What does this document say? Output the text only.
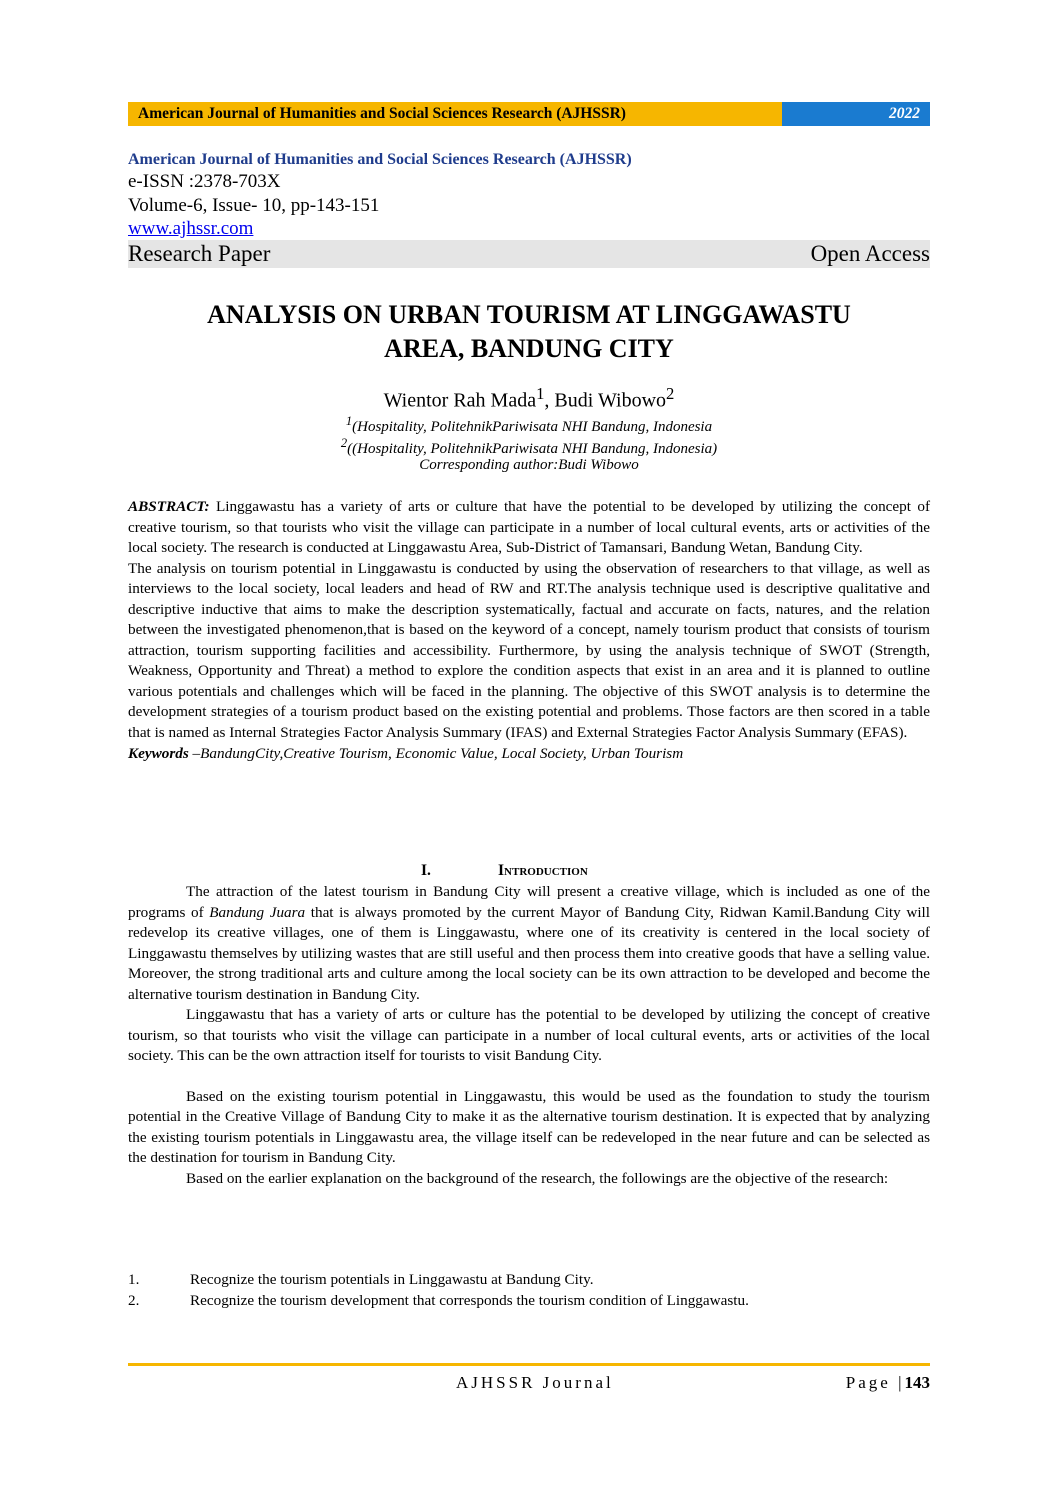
American Journal of Humanities and Social Sciences Research (AJHSSR)	2022

American Journal of Humanities and Social Sciences Research (AJHSSR)

e-ISSN :2378-703X

Volume-6, Issue- 10, pp-143-151

www.ajhssr.com
Research Paper	Open Access
ANALYSIS ON URBAN TOURISM AT LINGGAWASTU
AREA, BANDUNG CITY
Wientor Rah Mada$^1$, Budi Wibowo$^2$
$^1$(Hospitality, PolitehnikPariwisata NHI Bandung, Indonesia
$^2$((Hospitality, PolitehnikPariwisata NHI Bandung, Indonesia)
Corresponding author:Budi Wibowo

ABSTRACT: Linggawastu has a variety of arts or culture that have the potential to be developed by utilizing the concept of creative tourism, so that tourists who visit the village can participate in a number of local cultural events, arts or activities of the local society. The research is conducted at Linggawastu Area, Sub-District of Tamansari, Bandung Wetan, Bandung City.

The analysis on tourism potential in Linggawastu is conducted by using the observation of researchers to that village, as well as interviews to the local society, local leaders and head of RW and RT.The analysis technique used is descriptive qualitative and descriptive inductive that aims to make the description systematically, factual and accurate on facts, natures, and the relation between the investigated phenomenon,that is based on the keyword of a concept, namely tourism product that consists of tourism attraction, tourism supporting facilities and accessibility. Furthermore, by using the analysis technique of SWOT (Strength, Weakness, Opportunity and Threat) a method to explore the condition aspects that exist in an area and it is planned to outline various potentials and challenges which will be faced in the planning. The objective of this SWOT analysis is to determine the development strategies of a tourism product based on the existing potential and problems. Those factors are then scored in a table that is named as Internal Strategies Factor Analysis Summary (IFAS) and External Strategies Factor Analysis Summary (EFAS).

Keywords –BandungCity,Creative Tourism, Economic Value, Local Society, Urban Tourism

I.	Introduction

The attraction of the latest tourism in Bandung City will present a creative village, which is included as one of the programs of Bandung Juara that is always promoted by the current Mayor of Bandung City, Ridwan Kamil.Bandung City will redevelop its creative villages, one of them is Linggawastu, where one of its creativity is centered in the local society of Linggawastu themselves by utilizing wastes that are still useful and then process them into creative goods that have a selling value. Moreover, the strong traditional arts and culture among the local society can be its own attraction to be developed and become the alternative tourism destination in Bandung City.

Linggawastu that has a variety of arts or culture has the potential to be developed by utilizing the concept of creative tourism, so that tourists who visit the village can participate in a number of local cultural events, arts or activities of the local society. This can be the own attraction itself for tourists to visit Bandung City.

Based on the existing tourism potential in Linggawastu, this would be used as the foundation to study the tourism potential in the Creative Village of Bandung City to make it as the alternative tourism destination. It is expected that by analyzing the existing tourism potentials in Linggawastu area, the village itself can be redeveloped in the near future and can be selected as the destination for tourism in Bandung City.

Based on the earlier explanation on the background of the research, the followings are the objective of the research:

1.	Recognize the tourism potentials in Linggawastu at Bandung City.
2.	Recognize the tourism development that corresponds the tourism condition of Linggawastu.
AJHSSR Journal	Page |143
